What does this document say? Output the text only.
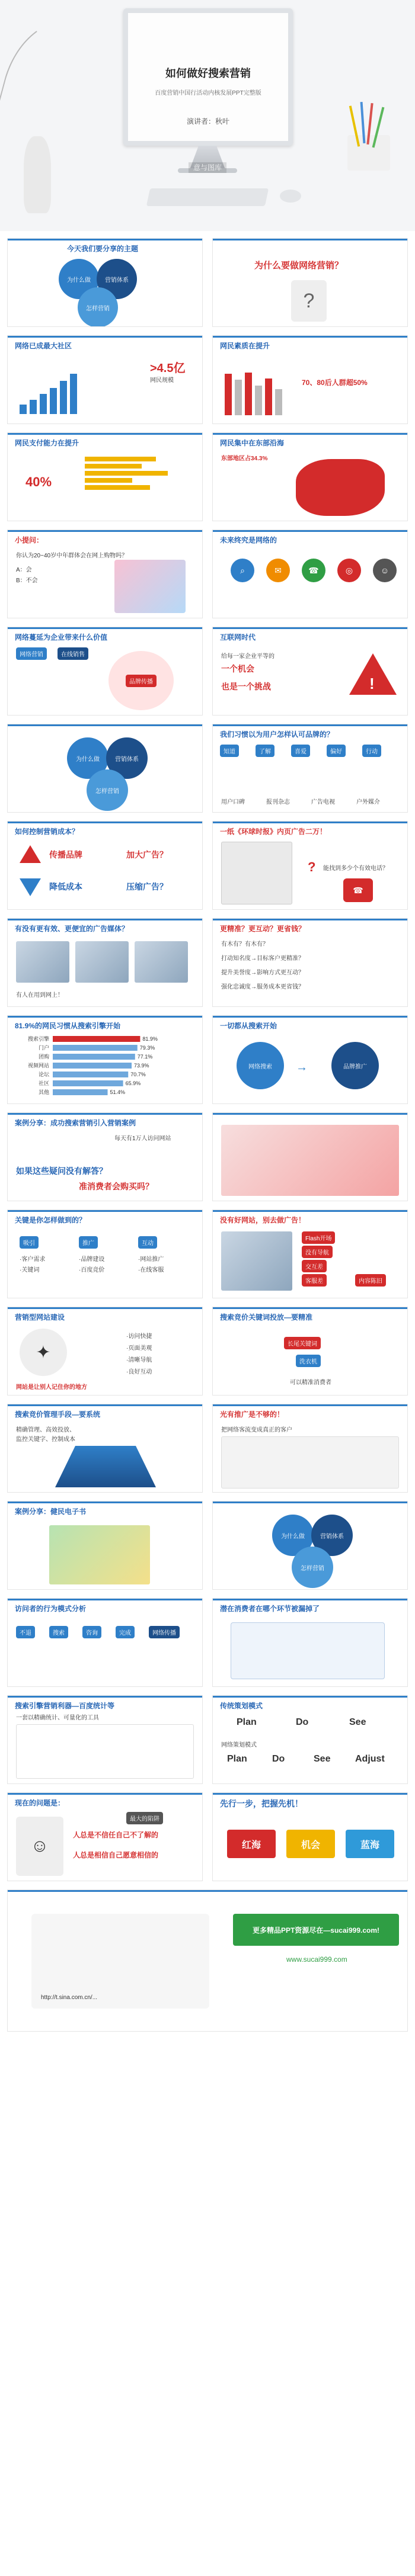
如何做好搜索营销
百度营销中国行活动内核发展PPT完整版
演讲者：秋叶
意与图库
今天我们要分享的主题
为什么做	营销体系
怎样营销
为什么要做网络营销？
?
网络已成最大社区
>4.5亿
网民规模
网民素质在提升
70、80后人群超50%
网民支付能力在提升
40%
网民集中在东部沿海
东部地区占34.3%
小提问：
你认为20~40岁中年群体会在网上购物吗？
A：会
B：不会
未来终究是网络的
⌕	✉	☎	◎	☺
网络蔓延为企业带来什么价值
网络营销	在线销售
品牌传播
互联网时代
给每一家企业平等的
一个机会
也是一个挑战	!
为什么做	营销体系
怎样营销
我们习惯以为用户怎样认可品牌的？
知道	了解	喜爱	偏好	行动
用户口碑	报刊杂志	广告电视	户外媒介
如何控制营销成本？
传播品牌	加大广告？
降低成本	压缩广告？
一纸《环球时报》内页广告二万！
? 能找到多少个有效电话？
☎
有没有更有效、更便宜的广告媒体？
有人在用到网上！
更精准？更互动？更省钱？
有木有？有木有？
打动知名度→目标客户更精准？
提升美誉度→影响方式更互动？
强化忠诚度→服务成本更省钱？
81.9%的网民习惯从搜索引擎开始
搜索引擎	81.9%
门户	79.3%
团购	77.1%
视频网站	73.9%
论坛	70.7%
社区	65.9%
其他	51.4%
一切都从搜索开始
网络搜索	品牌推广
→
案例分享：成功搜索营销引入营销案例
每天有1万人访问网站
如果这些疑问没有解答？
准消费者会购买吗？
关键是你怎样做到的？
吸引	推广	互动
·客户需求
·关键词
·品牌建设
·百度竞价
·网站推广
·在线客服
没有好网站，别去做广告！
Flash开场
没有导航
交互差
客服差	内容陈旧
营销型网站建设
·访问快捷
·页面美观
·清晰导航
·良好互动
网站是让别人记住你的地方
✦
搜索竞价关键词投放—要精准
长尾关键词
洗衣机
可以精准消费者
搜索竞价管理手段—要系统
精确管理、高效投放、
监控关键字、控制成本
光有推广是不够的！
把网络客流变成真正的客户
案例分享：健民电子书
为什么做	营销体系
怎样营销
访问者的行为模式分析
不退	搜索	咨询	完成	网络传播
潜在消费者在哪个环节被漏掉了
搜索引擎营销利器—百度统计等
一套以精确统计、可量化的工具
传统策划模式
Plan	Do	See
网络策划模式
Plan	Do	See	Adjust
现在的问题是：
最大的陷阱
人总是不信任自己不了解的
人总是相信自己愿意相信的
☺
先行一步，把握先机！
红海	机会	蓝海
http://t.sina.com.cn/...
更多精品PPT资源尽在—sucai999.com!
www.sucai999.com
